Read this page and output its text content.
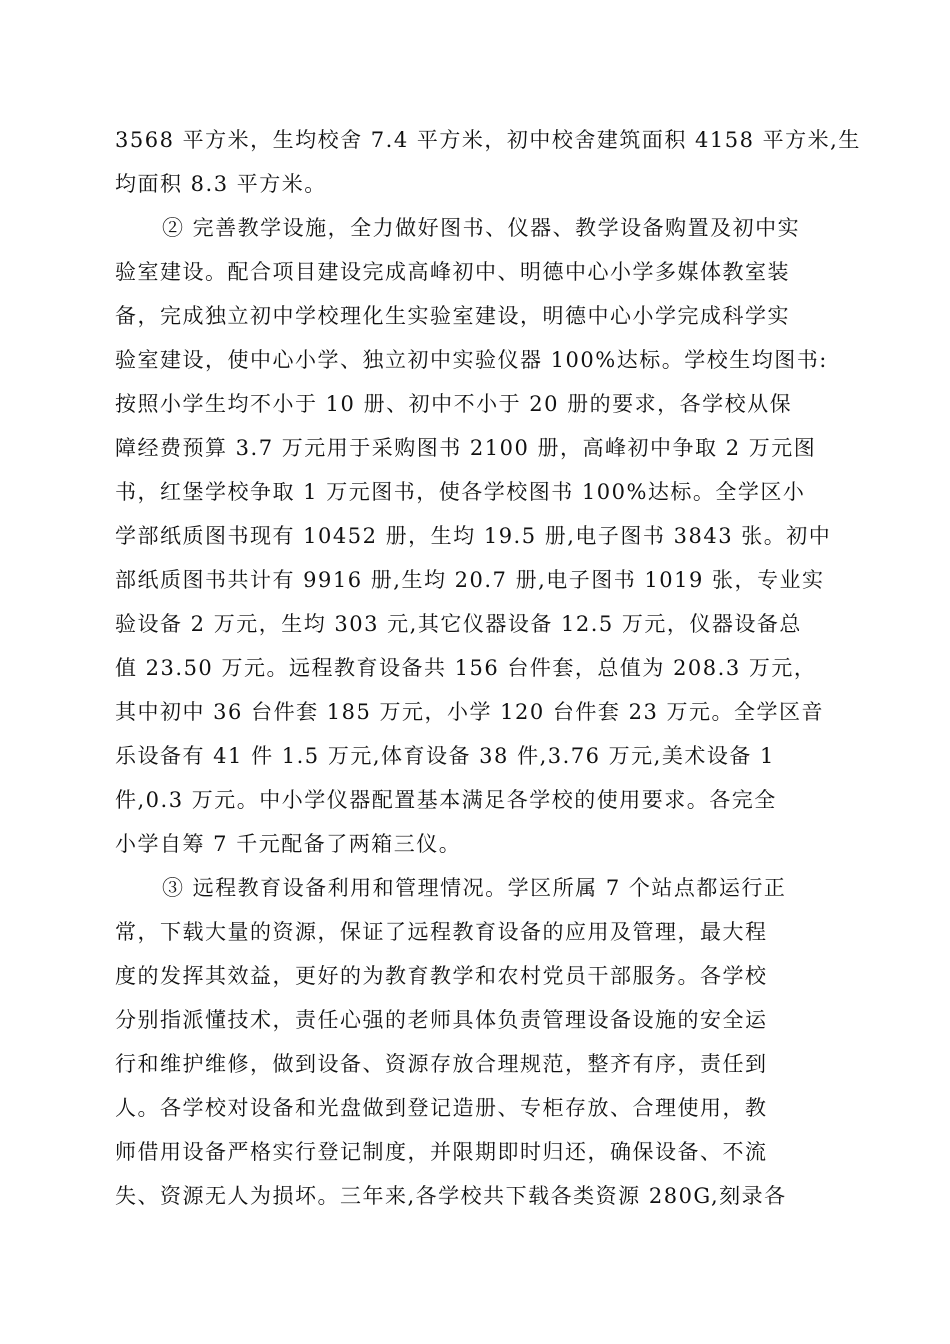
3568 平方米，生均校舍 7.4 平方米，初中校舍建筑面积 4158 平方米,生
均面积 8.3 平方米。
② 完善教学设施，全力做好图书、仪器、教学设备购置及初中实
验室建设。配合项目建设完成高峰初中、明德中心小学多媒体教室装
备，完成独立初中学校理化生实验室建设，明德中心小学完成科学实
验室建设，使中心小学、独立初中实验仪器 100%达标。学校生均图书:
按照小学生均不小于 10 册、初中不小于 20 册的要求，各学校从保
障经费预算 3.7 万元用于采购图书 2100 册，高峰初中争取 2 万元图
书，红堡学校争取 1 万元图书，使各学校图书 100%达标。全学区小
学部纸质图书现有 10452 册，生均 19.5 册,电子图书 3843 张。初中
部纸质图书共计有 9916 册,生均 20.7 册,电子图书 1019 张，专业实
验设备 2 万元，生均 303 元,其它仪器设备 12.5 万元，仪器设备总
值 23.50 万元。远程教育设备共 156 台件套，总值为 208.3 万元，
其中初中 36 台件套 185 万元，小学 120 台件套 23 万元。全学区音
乐设备有 41 件 1.5 万元,体育设备 38 件,3.76 万元,美术设备 1
件,0.3 万元。中小学仪器配置基本满足各学校的使用要求。各完全
小学自筹 7 千元配备了两箱三仪。
③ 远程教育设备利用和管理情况。学区所属 7 个站点都运行正
常，下载大量的资源，保证了远程教育设备的应用及管理，最大程
度的发挥其效益，更好的为教育教学和农村党员干部服务。各学校
分别指派懂技术，责任心强的老师具体负责管理设备设施的安全运
行和维护维修，做到设备、资源存放合理规范，整齐有序，责任到
人。各学校对设备和光盘做到登记造册、专柜存放、合理使用，教
师借用设备严格实行登记制度，并限期即时归还，确保设备、不流
失、资源无人为损坏。三年来,各学校共下载各类资源 280G,刻录各
